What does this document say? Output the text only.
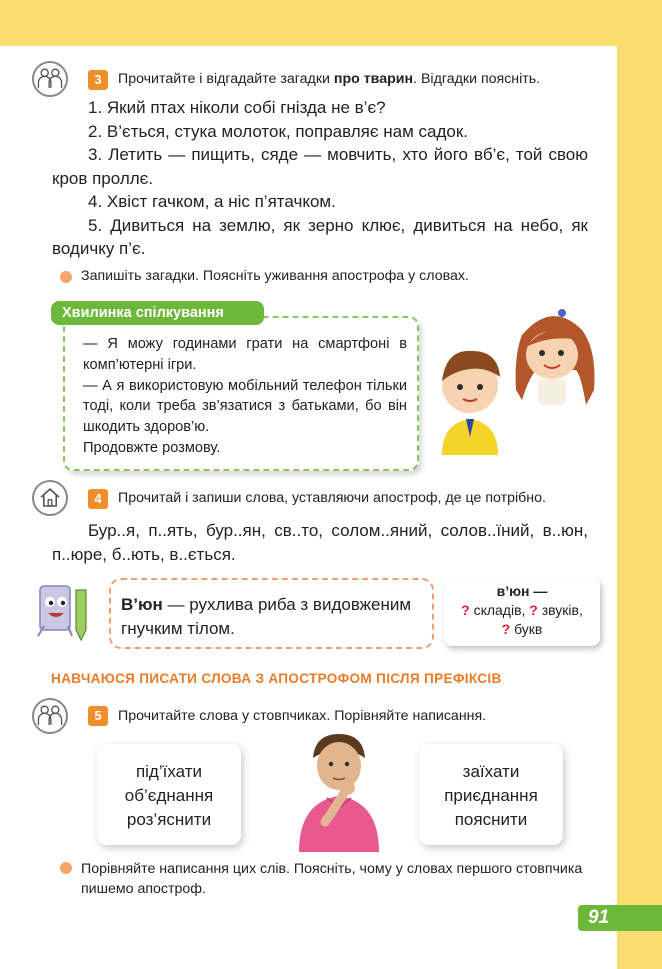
3	Прочитайте і відгадайте загадки про тварин. Відгадки поясніть.

1. Який птах ніколи собі гнізда не в’є?

2. В’ється, стука молоток, поправляє нам садок.

3. Летить — пищить, сяде — мовчить, хто його вб’є, той свою кров проллє.

4. Хвіст гачком, а ніс п’ятачком.

5. Дивиться на землю, як зерно клює, дивиться на небо, як водичку п’є.

Запишіть загадки. Поясніть уживання апострофа у словах.

— Я можу годинами грати на смартфоні в комп’ютерні ігри.

— А я використовую мобільний телефон тільки тоді, коли треба зв’язатися з батьками, бо він шкодить здоров’ю.

Продовжте розмову.

Хвилинка спілкування
4	Прочитай і запиши слова, уставляючи апостроф, де це потрібно.
Бур..я, п..ять, бур..ян, св..то, солом..яний, солов..їний, в..юн, п..юре, б..ють, в..ється.
В’юн — рухлива риба з видовженим гнучким тілом.
в’юн —
? складів, ? звуків,
? букв
НАВЧАЮСЯ ПИСАТИ СЛОВА З АПОСТРОФОМ ПІСЛЯ ПРЕФІКСІВ
5	Прочитайте слова у стовпчиках. Порівняйте написання.
під’їхати
об’єднання
роз’яснити
заїхати
приєднання
пояснити
Порівняйте написання цих слів. Поясніть, чому у словах першого стовпчика пишемо апостроф.
91
